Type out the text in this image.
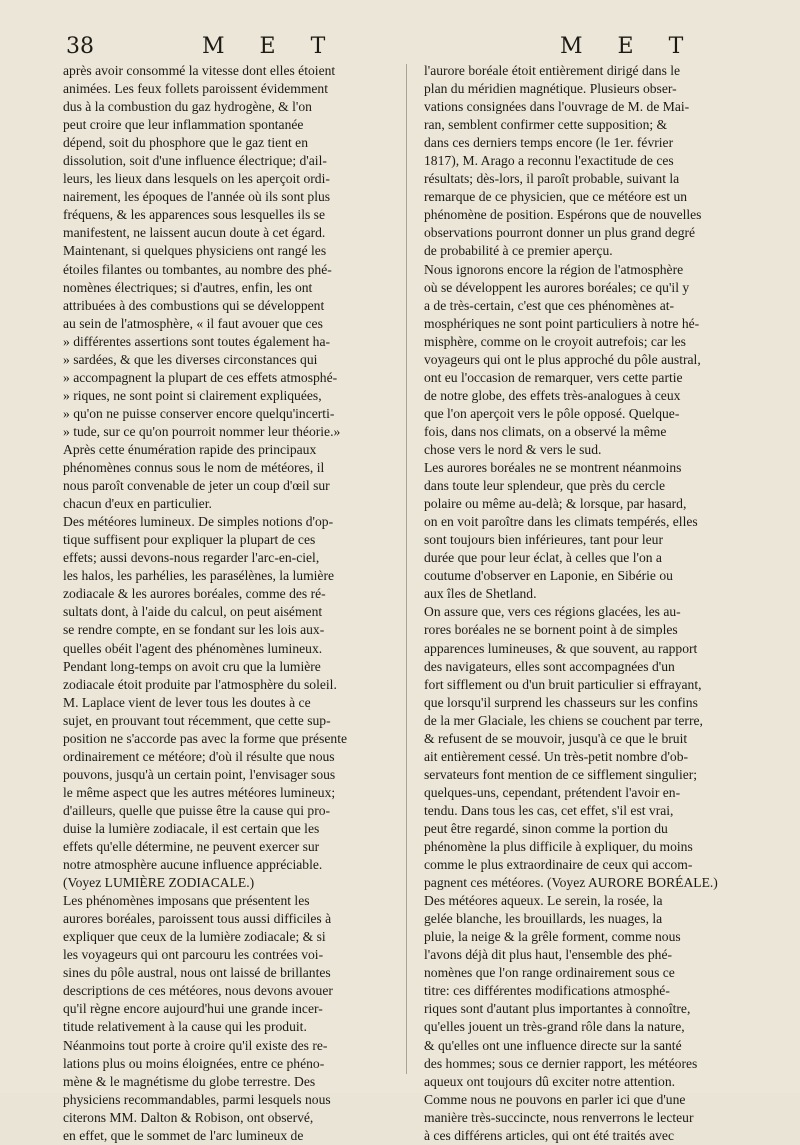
38	M E T	M E T
après avoir consommé la vitesse dont elles étoient
animées. Les feux follets paroissent évidemment
dus à la combustion du gaz hydrogène, & l'on
peut croire que leur inflammation spontanée
dépend, soit du phosphore que le gaz tient en
dissolution, soit d'une influence électrique; d'ail-
leurs, les lieux dans lesquels on les aperçoit ordi-
nairement, les époques de l'année où ils sont plus
fréquens, & les apparences sous lesquelles ils se
manifestent, ne laissent aucun doute à cet égard.
Maintenant, si quelques physiciens ont rangé les
étoiles filantes ou tombantes, au nombre des phé-
nomènes électriques; si d'autres, enfin, les ont
attribuées à des combustions qui se développent
au sein de l'atmosphère, « il faut avouer que ces
» différentes assertions sont toutes également ha-
» sardées, & que les diverses circonstances qui
» accompagnent la plupart de ces effets atmosphé-
» riques, ne sont point si clairement expliquées,
» qu'on ne puisse conserver encore quelqu'incerti-
» tude, sur ce qu'on pourroit nommer leur théorie.»
Après cette énumération rapide des principaux
phénomènes connus sous le nom de météores, il
nous paroît convenable de jeter un coup d'œil sur
chacun d'eux en particulier.
Des météores lumineux. De simples notions d'op-
tique suffisent pour expliquer la plupart de ces
effets; aussi devons-nous regarder l'arc-en-ciel,
les halos, les parhélies, les parasélènes, la lumière
zodiacale & les aurores boréales, comme des ré-
sultats dont, à l'aide du calcul, on peut aisément
se rendre compte, en se fondant sur les lois aux-
quelles obéit l'agent des phénomènes lumineux.
Pendant long-temps on avoit cru que la lumière
zodiacale étoit produite par l'atmosphère du soleil.
M. Laplace vient de lever tous les doutes à ce
sujet, en prouvant tout récemment, que cette sup-
position ne s'accorde pas avec la forme que présente
ordinairement ce météore; d'où il résulte que nous
pouvons, jusqu'à un certain point, l'envisager sous
le même aspect que les autres météores lumineux;
d'ailleurs, quelle que puisse être la cause qui pro-
duise la lumière zodiacale, il est certain que les
effets qu'elle détermine, ne peuvent exercer sur
notre atmosphère aucune influence appréciable.
(Voyez LUMIÈRE ZODIACALE.)
Les phénomènes imposans que présentent les
aurores boréales, paroissent tous aussi difficiles à
expliquer que ceux de la lumière zodiacale; & si
les voyageurs qui ont parcouru les contrées voi-
sines du pôle austral, nous ont laissé de brillantes
descriptions de ces météores, nous devons avouer
qu'il règne encore aujourd'hui une grande incer-
titude relativement à la cause qui les produit.
Néanmoins tout porte à croire qu'il existe des re-
lations plus ou moins éloignées, entre ce phéno-
mène & le magnétisme du globe terrestre. Des
physiciens recommandables, parmi lesquels nous
citerons MM. Dalton & Robison, ont observé,
en effet, que le sommet de l'arc lumineux de
l'aurore boréale étoit entièrement dirigé dans le
plan du méridien magnétique. Plusieurs obser-
vations consignées dans l'ouvrage de M. de Mai-
ran, semblent confirmer cette supposition; &
dans ces derniers temps encore (le 1er. février
1817), M. Arago a reconnu l'exactitude de ces
résultats; dès-lors, il paroît probable, suivant la
remarque de ce physicien, que ce météore est un
phénomène de position. Espérons que de nouvelles
observations pourront donner un plus grand degré
de probabilité à ce premier aperçu.
Nous ignorons encore la région de l'atmosphère
où se développent les aurores boréales; ce qu'il y
a de très-certain, c'est que ces phénomènes at-
mosphériques ne sont point particuliers à notre hé-
misphère, comme on le croyoit autrefois; car les
voyageurs qui ont le plus approché du pôle austral,
ont eu l'occasion de remarquer, vers cette partie
de notre globe, des effets très-analogues à ceux
que l'on aperçoit vers le pôle opposé. Quelque-
fois, dans nos climats, on a observé la même
chose vers le nord & vers le sud.
Les aurores boréales ne se montrent néanmoins
dans toute leur splendeur, que près du cercle
polaire ou même au-delà; & lorsque, par hasard,
on en voit paroître dans les climats tempérés, elles
sont toujours bien inférieures, tant pour leur
durée que pour leur éclat, à celles que l'on a
coutume d'observer en Laponie, en Sibérie ou
aux îles de Shetland.
On assure que, vers ces régions glacées, les au-
rores boréales ne se bornent point à de simples
apparences lumineuses, & que souvent, au rapport
des navigateurs, elles sont accompagnées d'un
fort sifflement ou d'un bruit particulier si effrayant,
que lorsqu'il surprend les chasseurs sur les confins
de la mer Glaciale, les chiens se couchent par terre,
& refusent de se mouvoir, jusqu'à ce que le bruit
ait entièrement cessé. Un très-petit nombre d'ob-
servateurs font mention de ce sifflement singulier;
quelques-uns, cependant, prétendent l'avoir en-
tendu. Dans tous les cas, cet effet, s'il est vrai,
peut être regardé, sinon comme la portion du
phénomène la plus difficile à expliquer, du moins
comme le plus extraordinaire de ceux qui accom-
pagnent ces météores. (Voyez AURORE BORÉALE.)
Des météores aqueux. Le serein, la rosée, la
gelée blanche, les brouillards, les nuages, la
pluie, la neige & la grêle forment, comme nous
l'avons déjà dit plus haut, l'ensemble des phé-
nomènes que l'on range ordinairement sous ce
titre: ces différentes modifications atmosphé-
riques sont d'autant plus importantes à connoître,
qu'elles jouent un très-grand rôle dans la nature,
& qu'elles ont une influence directe sur la santé
des hommes; sous ce dernier rapport, les météores
aqueux ont toujours dû exciter notre attention.
Comme nous ne pouvons en parler ici que d'une
manière très-succincte, nous renverrons le lecteur
à ces différens articles, qui ont été traités avec
